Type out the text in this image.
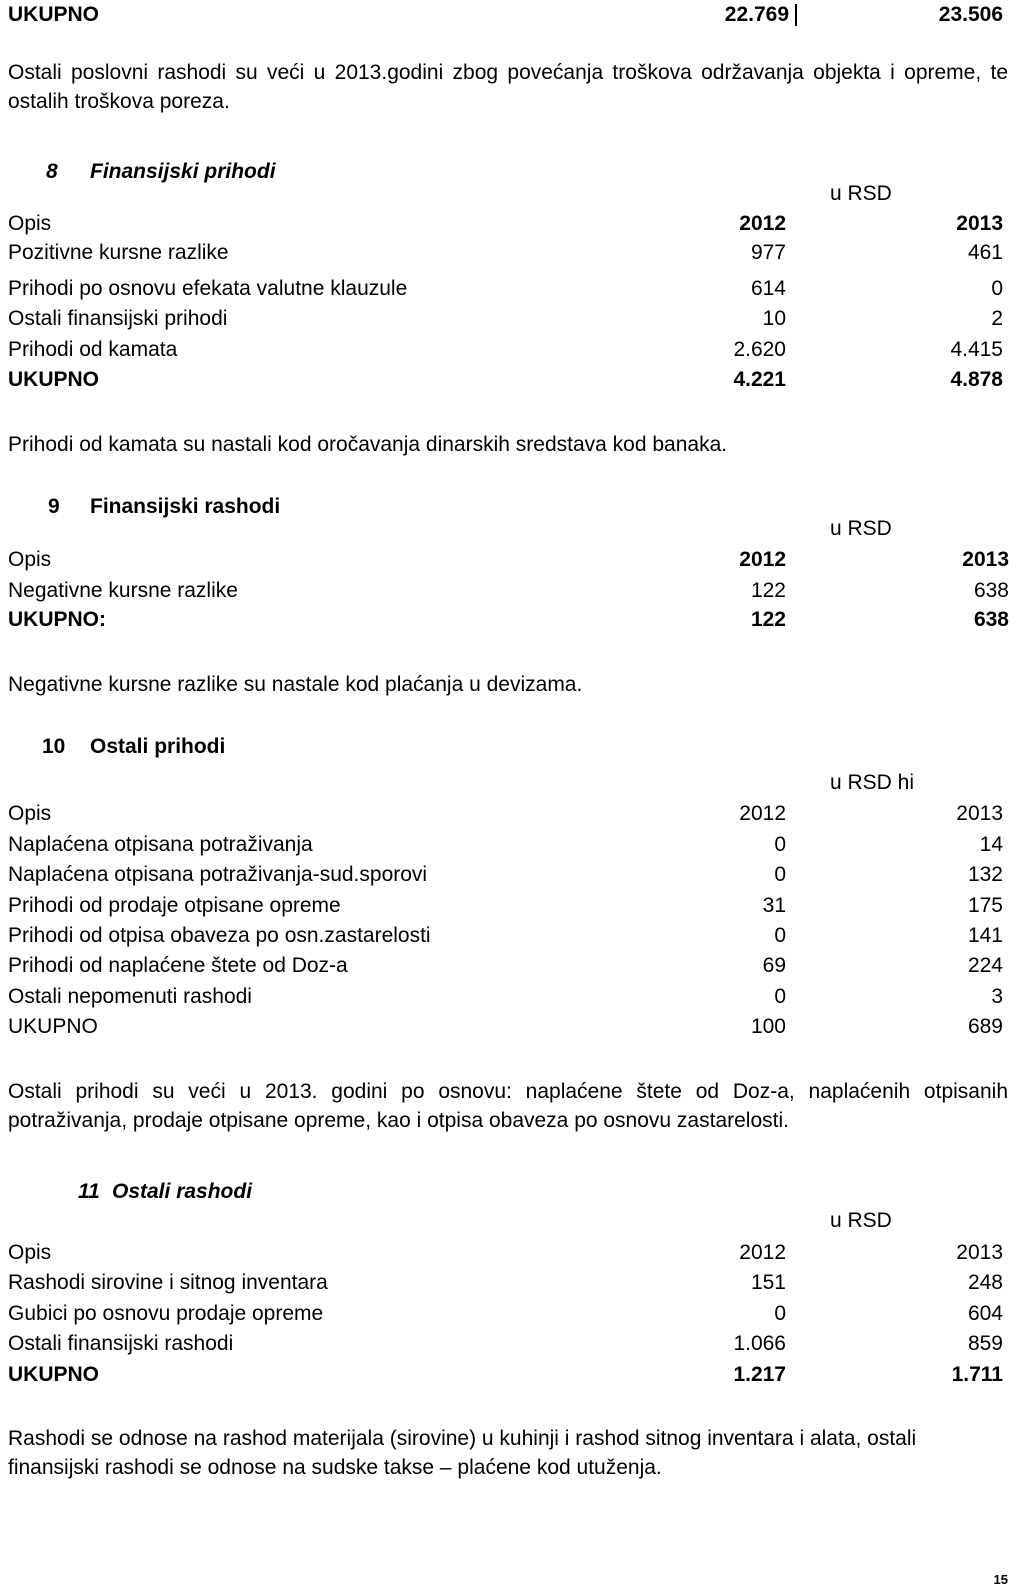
UKUPNO	22.769	23.506
Ostali poslovni rashodi su veći u 2013.godini zbog povećanja troškova održavanja objekta i opreme, te ostalih troškova poreza.
8 Finansijski prihodi
u RSD
Opis	2012	2013
Pozitivne kursne razlike	977	461
Prihodi po osnovu efekata valutne klauzule	614	0
Ostali finansijski prihodi	10	2
Prihodi od kamata	2.620	4.415
UKUPNO	4.221	4.878
Prihodi od kamata su nastali kod oročavanja dinarskih sredstava kod banaka.
9 Finansijski rashodi
u RSD
Opis	2012	2013
Negativne kursne razlike	122	638
UKUPNO:	122	638
Negativne kursne razlike su nastale kod plaćanja u devizama.
10 Ostali prihodi
u RSD hi
Opis	2012	2013
Naplaćena otpisana potraživanja	0	14
Naplaćena otpisana potraživanja-sud.sporovi	0	132
Prihodi od prodaje otpisane opreme	31	175
Prihodi od otpisa obaveza po osn.zastarelosti	0	141
Prihodi od naplaćene štete od Doz-a	69	224
Ostali nepomenuti rashodi	0	3
UKUPNO	100	689
Ostali prihodi su veći u 2013. godini po osnovu: naplaćene štete od Doz-a, naplaćenih otpisanih potraživanja, prodaje otpisane opreme, kao i otpisa obaveza po osnovu zastarelosti.
11 Ostali rashodi
u RSD
Opis	2012	2013
Rashodi sirovine i sitnog inventara	151	248
Gubici po osnovu prodaje opreme	0	604
Ostali finansijski rashodi	1.066	859
UKUPNO	1.217	1.711
Rashodi se odnose na rashod materijala (sirovine) u kuhinji i rashod sitnog inventara i alata, ostali finansijski rashodi se odnose na sudske takse – plaćene kod utuženja.
15
